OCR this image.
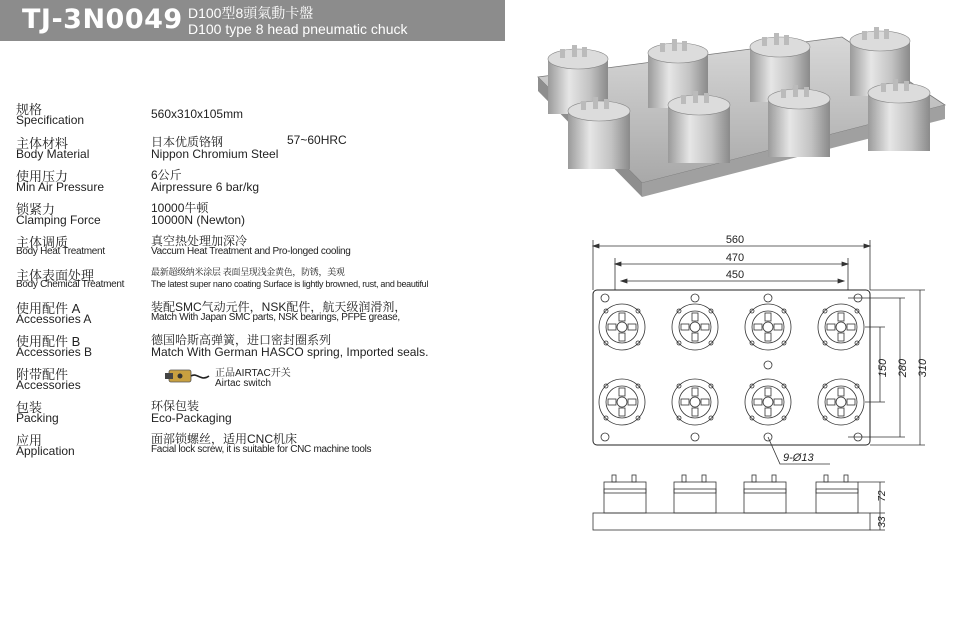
TJ-3N0049 D100型8頭氣動卡盤
D100 type 8 head pneumatic chuck
规格
Specification	560x310x105mm
主体材料
Body Material
日本优质铬钢
Nippon Chromium Steel
57~60HRC
使用压力
Min Air Pressure
6公斤
Airpressure 6 bar/kg
锁紧力
Clamping Force
10000牛顿
10000N (Newton)
主体调质
Body Heat Treatment
真空热处理加深冷
Vaccum Heat Treatment and Pro-longed cooling
主体表面处理
Body Chemical Treatment
最新超级纳米涂层 表面呈现浅金黄色，防锈，美观
The latest super nano coating Surface is lightly browned, rust, and beautiful
使用配件 A
Accessories A
装配SMC气动元件，NSK配件，航天级润滑剂，
Match With Japan SMC parts, NSK bearings, PFPE grease,
使用配件 B
Accessories B
德国哈斯高弹簧，进口密封圈系列
Match With German HASCO spring, Imported seals.
附带配件
Accessories
正品AIRTAC开关
Airtac switch
包装
Packing
环保包装
Eco-Packaging
应用
Application
面部锁螺丝，适用CNC机床
Facial lock screw, it is suitable for CNC machine tools
560
470
450
9-Ø13
150 280 310
72
33
